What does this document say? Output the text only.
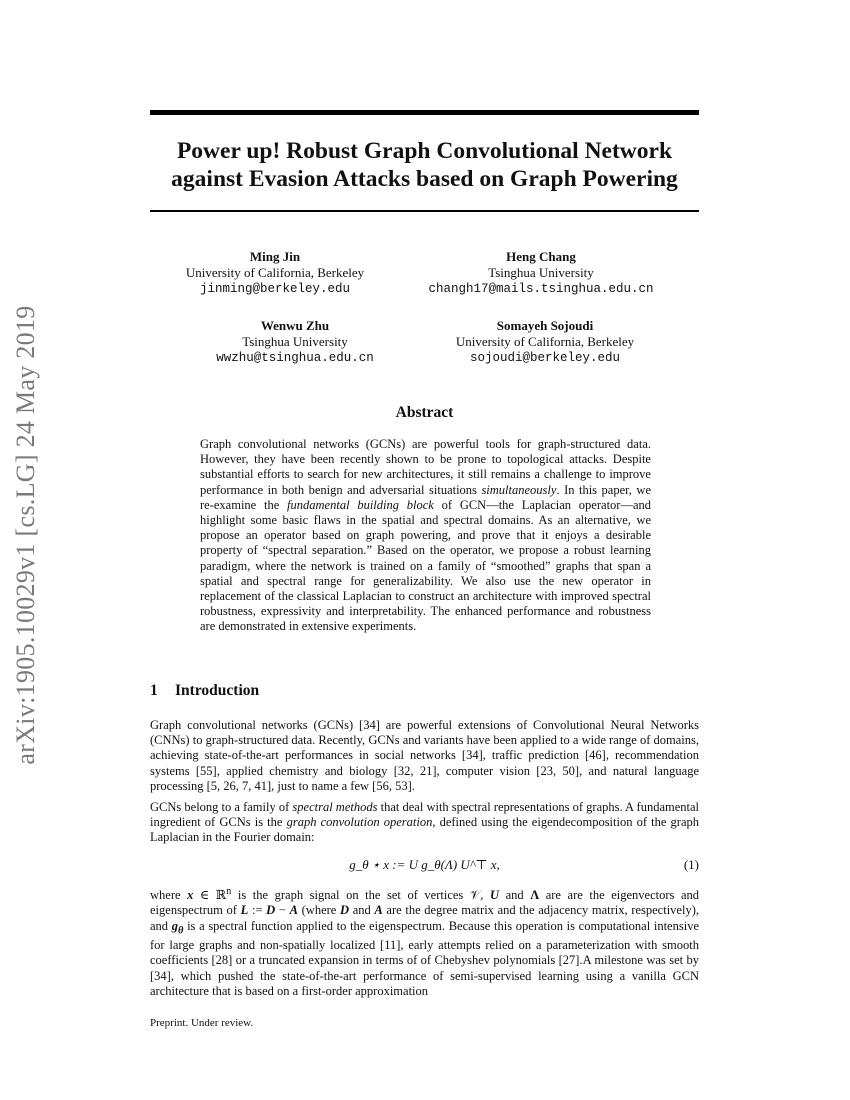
arXiv:1905.10029v1 [cs.LG] 24 May 2019
Power up! Robust Graph Convolutional Network
against Evasion Attacks based on Graph Powering
Ming Jin
University of California, Berkeley
jinming@berkeley.edu
Heng Chang
Tsinghua University
changh17@mails.tsinghua.edu.cn
Wenwu Zhu
Tsinghua University
wwzhu@tsinghua.edu.cn
Somayeh Sojoudi
University of California, Berkeley
sojoudi@berkeley.edu
Abstract

Graph convolutional networks (GCNs) are powerful tools for graph-structured data. However, they have been recently shown to be prone to topological attacks. Despite substantial efforts to search for new architectures, it still remains a challenge to improve performance in both benign and adversarial situations simultaneously. In this paper, we re-examine the fundamental building block of GCN—the Laplacian operator—and highlight some basic flaws in the spatial and spectral domains. As an alternative, we propose an operator based on graph powering, and prove that it enjoys a desirable property of “spectral separation.” Based on the operator, we propose a robust learning paradigm, where the network is trained on a family of “smoothed” graphs that span a spatial and spectral range for generalizability. We also use the new operator in replacement of the classical Laplacian to construct an architecture with improved spectral robustness, expressivity and interpretability. The enhanced performance and robustness are demonstrated in extensive experiments.

1 Introduction

Graph convolutional networks (GCNs) [34] are powerful extensions of Convolutional Neural Networks (CNNs) to graph-structured data. Recently, GCNs and variants have been applied to a wide range of domains, achieving state-of-the-art performances in social networks [34], traffic prediction [46], recommendation systems [55], applied chemistry and biology [32, 21], computer vision [23, 50], and natural language processing [5, 26, 7, 41], just to name a few [56, 53].

GCNs belong to a family of spectral methods that deal with spectral representations of graphs. A fundamental ingredient of GCNs is the graph convolution operation, defined using the eigendecomposition of the graph Laplacian in the Fourier domain:

g_θ ⋆ x := U g_θ(Λ) U^⊤ x,	(1)

where x ∈ ℝ$^n$ is the graph signal on the set of vertices 𝒱, U and Λ are are the eigenvectors and eigenspectrum of L := D − A (where D and A are the degree matrix and the adjacency matrix, respectively), and $g_\theta$ is a spectral function applied to the eigenspectrum. Because this operation is computational intensive for large graphs and non-spatially localized [11], early attempts relied on a parameterization with smooth coefficients [28] or a truncated expansion in terms of of Chebyshev polynomials [27].A milestone was set by [34], which pushed the state-of-the-art performance of semi-supervised learning using a vanilla GCN architecture that is based on a first-order approximation

Preprint. Under review.
